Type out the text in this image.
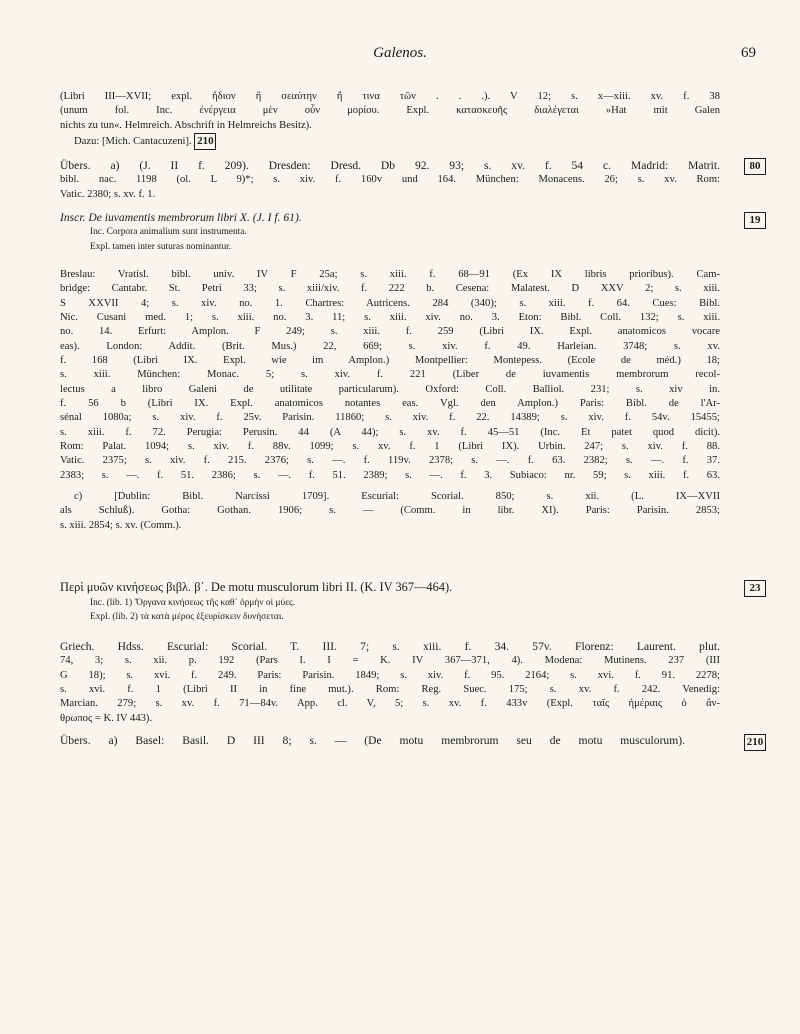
Galenos.	69
(Libri III—XVII; expl. ἤδιον ἢ σεαύτην ἤ τινα τῶν . . .). V 12; s. x—xiii. xv. f. 38
(unum fol. Inc. ἐνέργεια μὲν οὖν μορίου. Expl. κατασκευῆς διαλέγεται »Hat mit Galen
nichts zu tun«. Helmreich. Abschrift in Helmreichs Besitz).
Dazu: [Mich. Cantacuzeni]. 210
Übers. a) (J. II f. 209). Dresden: Dresd. Db 92. 93; s. xv. f. 54 c. Madrid: Matrit.
bibl. nac. 1198 (ol. L 9)*; s. xiv. f. 160v und 164. München: Monacens. 26; s. xv. Rom:
Vatic. 2380; s. xv. f. 1.
80
Inscr. De iuvamentis membrorum libri X. (J. I f. 61).
Inc. Corpora animalium sunt instrumenta.
Expl. tamen inter suturas nominantur.
19
Breslau: Vratisl. bibl. univ. IV F 25a; s. xiii. f. 68—91 (Ex IX libris prioribus). Cam-
bridge: Cantabr. St. Petri 33; s. xiii/xiv. f. 222 b. Cesena: Malatest. D XXV 2; s. xiii.
S XXVII 4; s. xiv. no. 1. Chartres: Autricens. 284 (340); s. xiii. f. 64. Cues: Bibl.
Nic. Cusani med. 1; s. xiii. no. 3. 11; s. xiii. xiv. no. 3. Eton: Bibl. Coll. 132; s. xiii.
no. 14. Erfurt: Amplon. F 249; s. xiii. f. 259 (Libri IX. Expl. anatomicos vocare
eas). London: Addit. (Brit. Mus.) 22, 669; s. xiv. f. 49. Harleian. 3748; s. xv.
f. 168 (Libri IX. Expl. wie im Amplon.) Montpellier: Montepess. (Ecole de méd.) 18;
s. xiii. München: Monac. 5; s. xiv. f. 221 (Liber de iuvamentis membrorum recol-
lectus a libro Galeni de utilitate particularum). Oxford: Coll. Balliol. 231; s. xiv in.
f. 56 b (Libri IX. Expl. anatomicos notantes eas. Vgl. den Amplon.) Paris: Bibl. de l'Ar-
sénal 1080a; s. xiv. f. 25v. Parisin. 11860; s. xiv. f. 22. 14389; s. xiv. f. 54v. 15455;
s. xiii. f. 72. Perugia: Perusin. 44 (A 44); s. xv. f. 45—51 (Inc. Et patet quod dicit).
Rom: Palat. 1094; s. xiv. f. 88v. 1099; s. xv. f. 1 (Libri IX). Urbin. 247; s. xiv. f. 88.
Vatic. 2375; s. xiv. f. 215. 2376; s. —. f. 119v. 2378; s. —. f. 63. 2382; s. —. f. 37.
2383; s. —. f. 51. 2386; s. —. f. 51. 2389; s. —. f. 3. Subiaco: nr. 59; s. xiii. f. 63.
c) [Dublin: Bibl. Narcissi 1709]. Escurial: Scorial. 850; s. xii. (L. IX—XVII
als Schluß). Gotha: Gothan. 1906; s. — (Comm. in libr. XI). Paris: Parisin. 2853;
s. xiii. 2854; s. xv. (Comm.).
Περὶ μυῶν κινήσεως βιβλ. β΄. De motu musculorum libri II. (K. IV 367—464).
Inc. (lib. 1) Ὄργανα κινήσεως τῆς καθ᾽ ὁρμὴν οἱ μύες.
Expl. (lib. 2) τὰ κατὰ μέρος ἐξευρίσκειν δυνήσεται.
23
Griech. Hdss. Escurial: Scorial. T. III. 7; s. xiii. f. 34. 57v. Florenz: Laurent. plut.
74, 3; s. xii. p. 192 (Pars I. I = K. IV 367—371, 4). Modena: Mutinens. 237 (III
G 18); s. xvi. f. 249. Paris: Parisin. 1849; s. xiv. f. 95. 2164; s. xvi. f. 91. 2278;
s. xvi. f. 1 (Libri II in fine mut.). Rom: Reg. Suec. 175; s. xv. f. 242. Venedig:
Marcian. 279; s. xv. f. 71—84v. App. cl. V, 5; s. xv. f. 433v (Expl. ταῖς ἡμέραις ὁ ἄν-
θρωπος = K. IV 443).
Übers. a) Basel: Basil. D III 8; s. — (De motu membrorum seu de motu musculorum).	210
